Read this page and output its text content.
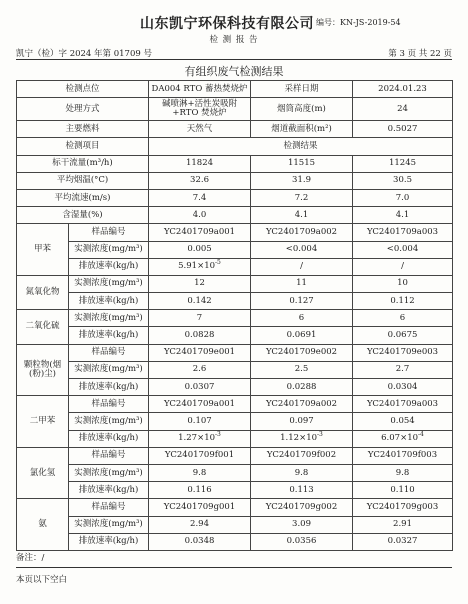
山东凯宁环保科技有限公司 编号：KN-JS-2019-54
检 测 报 告
凯宁（检）字 2024 年第 01709 号	第 3 页 共 22 页
有组织废气检测结果
检测点位		DA004 RTO 蓄热焚烧炉	采样日期	2024.01.23
处理方式		碱喷淋+活性炭吸附+RTO 焚烧炉	烟筒高度(m)	24
主要燃料		天然气	烟道截面积(m²)	0.5027
检测项目		检测结果		
标干流量(m³/h)		11824	11515	11245
平均烟温(°C)		32.6	31.9	30.5
平均流速(m/s)		7.4	7.2	7.0
含湿量(%)		4.0	4.1	4.1
甲苯	样品编号	YC2401709a001	YC2401709a002	YC2401709a003
	实测浓度(mg/m³)	0.005	<0.004	<0.004
	排放速率(kg/h)	$5.91\times 10^{-5}$	/	/
氮氧化物	实测浓度(mg/m³)	12	11	10
	排放速率(kg/h)	0.142	0.127	0.112
二氧化硫	实测浓度(mg/m³)	7	6	6
	排放速率(kg/h)	0.0828	0.0691	0.0675
颗粒物(烟(粉)尘)	样品编号	YC2401709e001	YC2401709e002	YC2401709e003
	实测浓度(mg/m³)	2.6	2.5	2.7
	排放速率(kg/h)	0.0307	0.0288	0.0304
二甲苯	样品编号	YC2401709a001	YC2401709a002	YC2401709a003
	实测浓度(mg/m³)	0.107	0.097	0.054
	排放速率(kg/h)	$1.27\times 10^{-3}$	$1.12\times 10^{-3}$	$6.07\times 10^{-4}$
氯化氢	样品编号	YC2401709f001	YC2401709f002	YC2401709f003
	实测浓度(mg/m³)	9.8	9.8	9.8
	排放速率(kg/h)	0.116	0.113	0.110
氨	样品编号	YC2401709g001	YC2401709g002	YC2401709g003
	实测浓度(mg/m³)	2.94	3.09	2.91
	排放速率(kg/h)	0.0348	0.0356	0.0327
备注：/
本页以下空白
